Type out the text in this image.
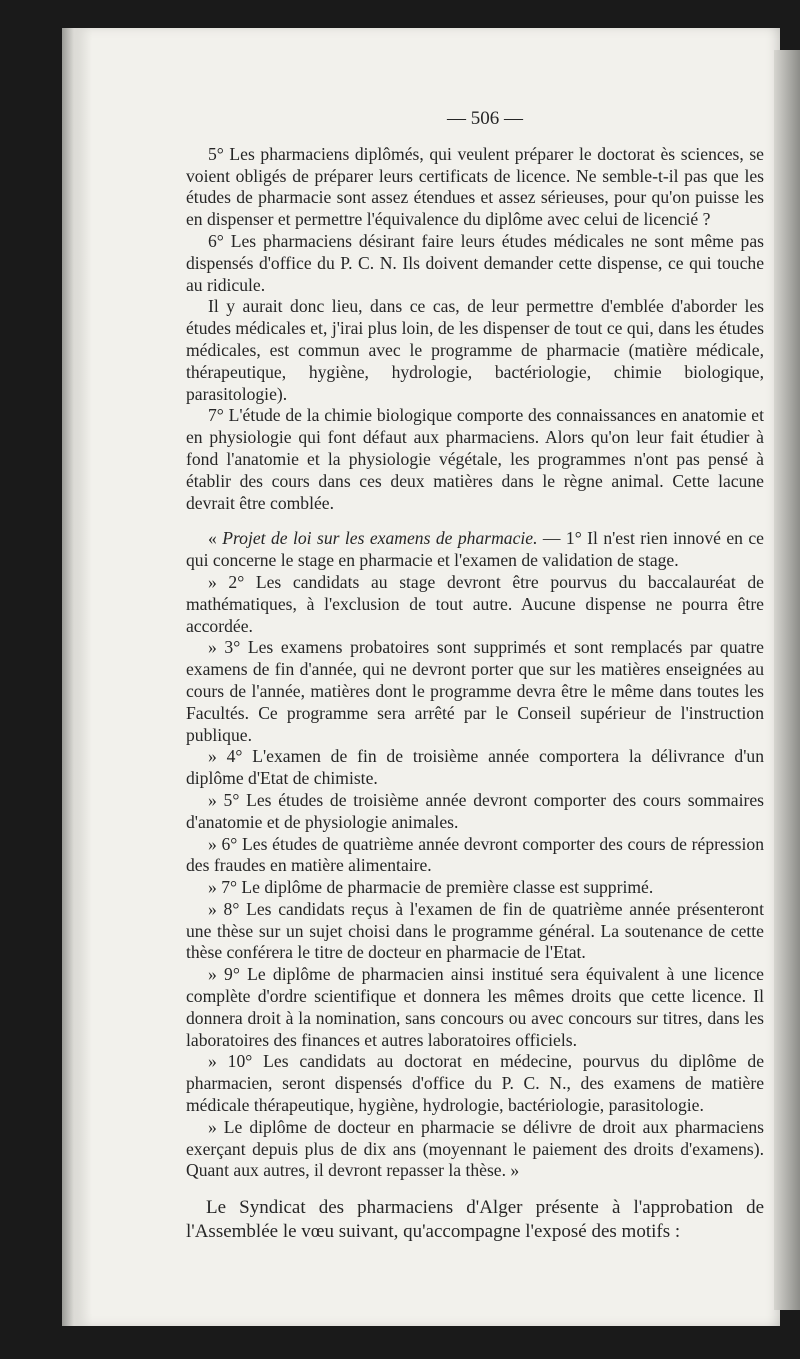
— 506 —

5° Les pharmaciens diplômés, qui veulent préparer le doctorat ès sciences, se voient obligés de préparer leurs certificats de licence. Ne semble-t-il pas que les études de pharmacie sont assez étendues et assez sérieuses, pour qu'on puisse les en dispenser et permettre l'équivalence du diplôme avec celui de licencié ?

6° Les pharmaciens désirant faire leurs études médicales ne sont même pas dispensés d'office du P. C. N. Ils doivent demander cette dispense, ce qui touche au ridicule.

Il y aurait donc lieu, dans ce cas, de leur permettre d'emblée d'aborder les études médicales et, j'irai plus loin, de les dispenser de tout ce qui, dans les études médicales, est commun avec le programme de pharmacie (matière médicale, thérapeutique, hygiène, hydrologie, bactériologie, chimie biologique, parasitologie).

7° L'étude de la chimie biologique comporte des connaissances en anatomie et en physiologie qui font défaut aux pharmaciens. Alors qu'on leur fait étudier à fond l'anatomie et la physiologie végétale, les programmes n'ont pas pensé à établir des cours dans ces deux matières dans le règne animal. Cette lacune devrait être comblée.

« Projet de loi sur les examens de pharmacie. — 1° Il n'est rien innové en ce qui concerne le stage en pharmacie et l'examen de validation de stage.

» 2° Les candidats au stage devront être pourvus du baccalauréat de mathématiques, à l'exclusion de tout autre. Aucune dispense ne pourra être accordée.

» 3° Les examens probatoires sont supprimés et sont remplacés par quatre examens de fin d'année, qui ne devront porter que sur les matières enseignées au cours de l'année, matières dont le programme devra être le même dans toutes les Facultés. Ce programme sera arrêté par le Conseil supérieur de l'instruction publique.

» 4° L'examen de fin de troisième année comportera la délivrance d'un diplôme d'Etat de chimiste.

» 5° Les études de troisième année devront comporter des cours sommaires d'anatomie et de physiologie animales.

» 6° Les études de quatrième année devront comporter des cours de répression des fraudes en matière alimentaire.

» 7° Le diplôme de pharmacie de première classe est supprimé.

» 8° Les candidats reçus à l'examen de fin de quatrième année présenteront une thèse sur un sujet choisi dans le programme général. La soutenance de cette thèse conférera le titre de docteur en pharmacie de l'Etat.

» 9° Le diplôme de pharmacien ainsi institué sera équivalent à une licence complète d'ordre scientifique et donnera les mêmes droits que cette licence. Il donnera droit à la nomination, sans concours ou avec concours sur titres, dans les laboratoires des finances et autres laboratoires officiels.

» 10° Les candidats au doctorat en médecine, pourvus du diplôme de pharmacien, seront dispensés d'office du P. C. N., des examens de matière médicale thérapeutique, hygiène, hydrologie, bactériologie, parasitologie.

» Le diplôme de docteur en pharmacie se délivre de droit aux pharmaciens exerçant depuis plus de dix ans (moyennant le paiement des droits d'examens). Quant aux autres, il devront repasser la thèse. »

Le Syndicat des pharmaciens d'Alger présente à l'approbation de l'Assemblée le vœu suivant, qu'accompagne l'exposé des motifs :
